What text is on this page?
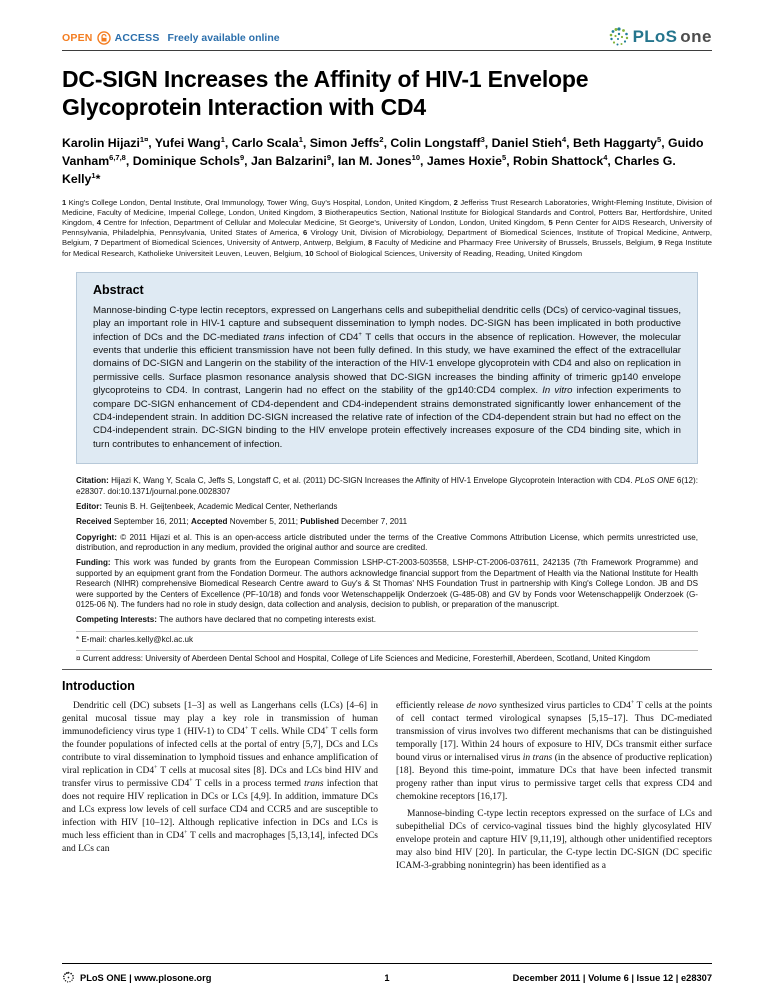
OPEN ACCESS Freely available online	PLoS one
DC-SIGN Increases the Affinity of HIV-1 Envelope Glycoprotein Interaction with CD4

Karolin Hijazi$^{1¤}$, Yufei Wang$^1$, Carlo Scala$^1$, Simon Jeffs$^2$, Colin Longstaff$^3$, Daniel Stieh$^4$, Beth Haggarty$^5$, Guido Vanham$^{6,7,8}$, Dominique Schols$^9$, Jan Balzarini$^9$, Ian M. Jones$^{10}$, James Hoxie$^5$, Robin Shattock$^4$, Charles G. Kelly$^1$*

1 King's College London, Dental Institute, Oral Immunology, Tower Wing, Guy's Hospital, London, United Kingdom, 2 Jefferiss Trust Research Laboratories, Wright-Fleming Institute, Division of Medicine, Faculty of Medicine, Imperial College, London, United Kingdom, 3 Biotherapeutics Section, National Institute for Biological Standards and Control, Potters Bar, Hertfordshire, United Kingdom, 4 Centre for Infection, Department of Cellular and Molecular Medicine, St George's, University of London, London, United Kingdom, 5 Penn Center for AIDS Research, University of Pennsylvania, Philadelphia, Pennsylvania, United States of America, 6 Virology Unit, Division of Microbiology, Department of Biomedical Sciences, Institute of Tropical Medicine, Antwerp, Belgium, 7 Department of Biomedical Sciences, University of Antwerp, Antwerp, Belgium, 8 Faculty of Medicine and Pharmacy Free University of Brussels, Brussels, Belgium, 9 Rega Institute for Medical Research, Katholieke Universiteit Leuven, Leuven, Belgium, 10 School of Biological Sciences, University of Reading, Reading, United Kingdom

Abstract

Mannose-binding C-type lectin receptors, expressed on Langerhans cells and subepithelial dendritic cells (DCs) of cervico-vaginal tissues, play an important role in HIV-1 capture and subsequent dissemination to lymph nodes. DC-SIGN has been implicated in both productive infection of DCs and the DC-mediated trans infection of CD4+ T cells that occurs in the absence of replication. However, the molecular events that underlie this efficient transmission have not been fully defined. In this study, we have examined the effect of the extracellular domains of DC-SIGN and Langerin on the stability of the interaction of the HIV-1 envelope glycoprotein with CD4 and also on replication in permissive cells. Surface plasmon resonance analysis showed that DC-SIGN increases the binding affinity of trimeric gp140 envelope glycoproteins to CD4. In contrast, Langerin had no effect on the stability of the gp140:CD4 complex. In vitro infection experiments to compare DC-SIGN enhancement of CD4-dependent and CD4-independent strains demonstrated significantly lower enhancement of the CD4-independent strain. In addition DC-SIGN increased the relative rate of infection of the CD4-dependent strain but had no effect on the CD4-independent strain. DC-SIGN binding to the HIV envelope protein effectively increases exposure of the CD4 binding site, which in turn contributes to enhancement of infection.

Citation: Hijazi K, Wang Y, Scala C, Jeffs S, Longstaff C, et al. (2011) DC-SIGN Increases the Affinity of HIV-1 Envelope Glycoprotein Interaction with CD4. PLoS ONE 6(12): e28307. doi:10.1371/journal.pone.0028307

Editor: Teunis B. H. Geijtenbeek, Academic Medical Center, Netherlands

Received September 16, 2011; Accepted November 5, 2011; Published December 7, 2011

Copyright: © 2011 Hijazi et al. This is an open-access article distributed under the terms of the Creative Commons Attribution License, which permits unrestricted use, distribution, and reproduction in any medium, provided the original author and source are credited.

Funding: This work was funded by grants from the European Commission LSHP-CT-2003-503558, LSHP-CT-2006-037611, 242135 (7th Framework Programme) and supported by an equipment grant from the Fondation Dormeur. The authors acknowledge financial support from the Department of Health via the National Institute for Health Research (NIHR) comprehensive Biomedical Research Centre award to Guy's & St Thomas' NHS Foundation Trust in partnership with King's College London. JB and DS were supported by the Centers of Excellence (PF-10/18) and fonds voor Wetenschappelijk Onderzoek (G-485-08) and GV by Fonds voor Wetenschappelijk Onderzoek (G-0125-06 N). The funders had no role in study design, data collection and analysis, decision to publish, or preparation of the manuscript.

Competing Interests: The authors have declared that no competing interests exist.

* E-mail: charles.kelly@kcl.ac.uk

¤ Current address: University of Aberdeen Dental School and Hospital, College of Life Sciences and Medicine, Foresterhill, Aberdeen, Scotland, United Kingdom

Introduction

Dendritic cell (DC) subsets [1–3] as well as Langerhans cells (LCs) [4–6] in genital mucosal tissue may play a key role in transmission of human immunodeficiency virus type 1 (HIV-1) to CD4+ T cells. While CD4+ T cells form the founder populations of infected cells at the portal of entry [5,7], DCs and LCs contribute to viral dissemination to lymphoid tissues and enhance amplification of viral replication in CD4+ T cells at mucosal sites [8]. DCs and LCs bind HIV and transfer virus to permissive CD4+ T cells in a process termed trans infection that does not require HIV replication in DCs or LCs [4,9]. In addition, immature DCs and LCs express low levels of cell surface CD4 and CCR5 and are susceptible to infection with HIV [10–12]. Although replicative infection in DCs and LCs is much less efficient than in CD4+ T cells and macrophages [5,13,14], infected DCs and LCs can

efficiently release de novo synthesized virus particles to CD4+ T cells at the points of cell contact termed virological synapses [5,15–17]. Thus DC-mediated transmission of virus involves two different mechanisms that can be distinguished temporally [17]. Within 24 hours of exposure to HIV, DCs transmit either surface bound virus or internalised virus in trans (in the absence of productive replication) [18]. Beyond this time-point, immature DCs that have been infected transmit progeny rather than input virus to permissive target cells that express CD4 and chemokine receptors [16,17].

Mannose-binding C-type lectin receptors expressed on the surface of LCs and subepithelial DCs of cervico-vaginal tissues bind the highly glycosylated HIV envelope protein and capture HIV [9,11,19], although other unidentified receptors may also bind HIV [20]. In particular, the C-type lectin DC-SIGN (DC specific ICAM-3-grabbing nonintegrin) has been identified as a

PLoS ONE | www.plosone.org	1	December 2011 | Volume 6 | Issue 12 | e28307
